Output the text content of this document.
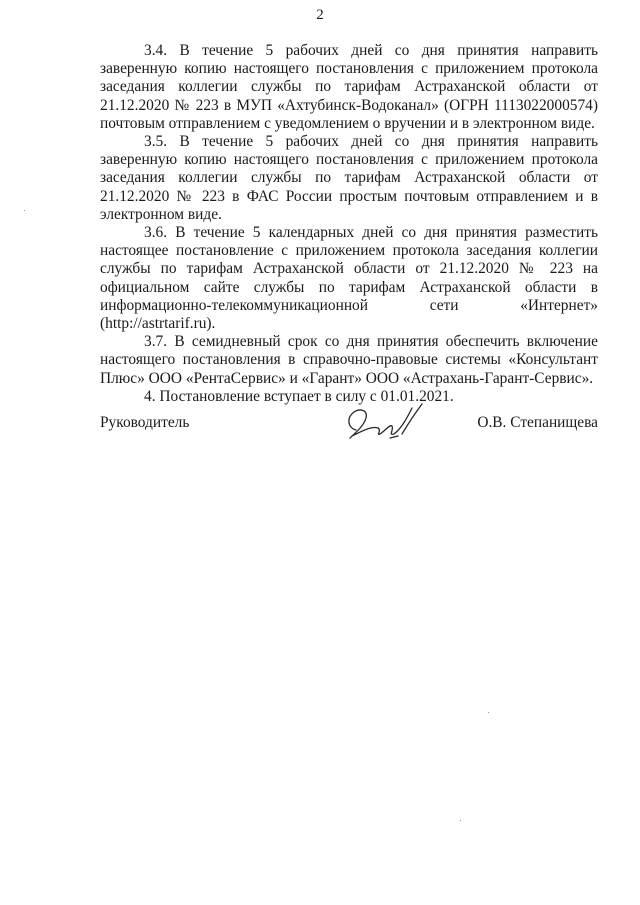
2

3.4. В течение 5 рабочих дней со дня принятия направить заверенную копию настоящего постановления с приложением протокола заседания коллегии службы по тарифам Астраханской области от 21.12.2020 № 223 в МУП «Ахтубинск-Водоканал» (ОГРН 1113022000574) почтовым отправлением с уведомлением о вручении и в электронном виде.

3.5. В течение 5 рабочих дней со дня принятия направить заверенную копию настоящего постановления с приложением протокола заседания коллегии службы по тарифам Астраханской области от 21.12.2020 № 223 в ФАС России простым почтовым отправлением и в электронном виде.

3.6. В течение 5 календарных дней со дня принятия разместить настоящее постановление с приложением протокола заседания коллегии службы по тарифам Астраханской области от 21.12.2020 № 223 на официальном сайте службы по тарифам Астраханской области в информационно-телекоммуникационной сети «Интернет» (http://astrtarif.ru).

3.7. В семидневный срок со дня принятия обеспечить включение настоящего постановления в справочно-правовые системы «Консультант Плюс» ООО «РентаСервис» и «Гарант» ООО «Астрахань-Гарант-Сервис».

4. Постановление вступает в силу с 01.01.2021.

Руководитель	О.В. Степанищева
